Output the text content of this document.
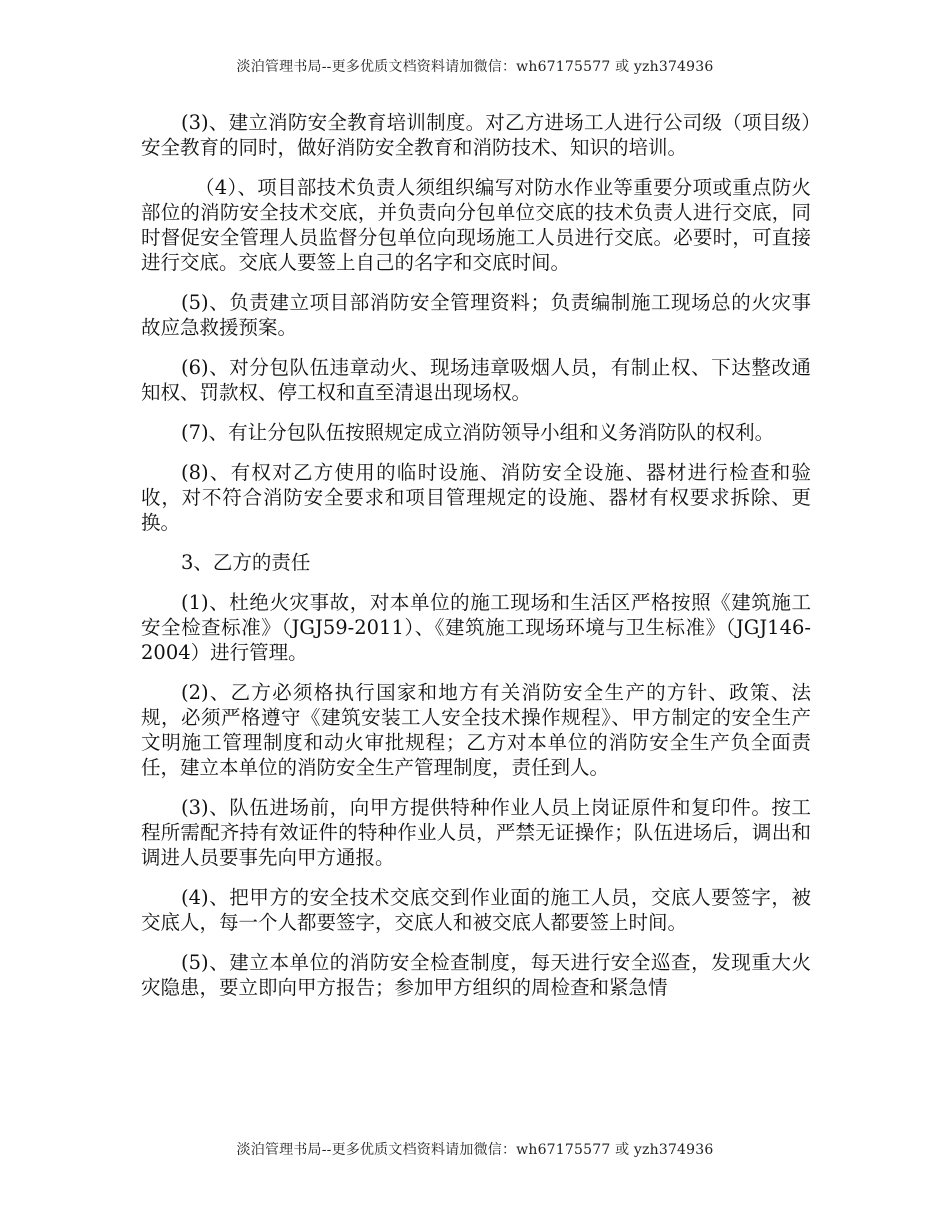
淡泊管理书局--更多优质文档资料请加微信：wh67175577 或 yzh374936

(3)、建立消防安全教育培训制度。对乙方进场工人进行公司级（项目级）安全教育的同时，做好消防安全教育和消防技术、知识的培训。

（4）、项目部技术负责人须组织编写对防水作业等重要分项或重点防火部位的消防安全技术交底，并负责向分包单位交底的技术负责人进行交底，同时督促安全管理人员监督分包单位向现场施工人员进行交底。必要时，可直接进行交底。交底人要签上自己的名字和交底时间。

(5)、负责建立项目部消防安全管理资料；负责编制施工现场总的火灾事故应急救援预案。

(6)、对分包队伍违章动火、现场违章吸烟人员，有制止权、下达整改通知权、罚款权、停工权和直至清退出现场权。

(7)、有让分包队伍按照规定成立消防领导小组和义务消防队的权利。

(8)、有权对乙方使用的临时设施、消防安全设施、器材进行检查和验收，对不符合消防安全要求和项目管理规定的设施、器材有权要求拆除、更换。

3、乙方的责任

(1)、杜绝火灾事故，对本单位的施工现场和生活区严格按照《建筑施工安全检查标准》（JGJ59-2011）、《建筑施工现场环境与卫生标准》（JGJ146-2004）进行管理。

(2)、乙方必须格执行国家和地方有关消防安全生产的方针、政策、法规，必须严格遵守《建筑安装工人安全技术操作规程》、甲方制定的安全生产文明施工管理制度和动火审批规程；乙方对本单位的消防安全生产负全面责任，建立本单位的消防安全生产管理制度，责任到人。

(3)、队伍进场前，向甲方提供特种作业人员上岗证原件和复印件。按工程所需配齐持有效证件的特种作业人员，严禁无证操作；队伍进场后，调出和调进人员要事先向甲方通报。

(4)、把甲方的安全技术交底交到作业面的施工人员，交底人要签字，被交底人，每一个人都要签字，交底人和被交底人都要签上时间。

(5)、建立本单位的消防安全检查制度，每天进行安全巡查，发现重大火灾隐患，要立即向甲方报告；参加甲方组织的周检查和紧急情

淡泊管理书局--更多优质文档资料请加微信：wh67175577 或 yzh374936
